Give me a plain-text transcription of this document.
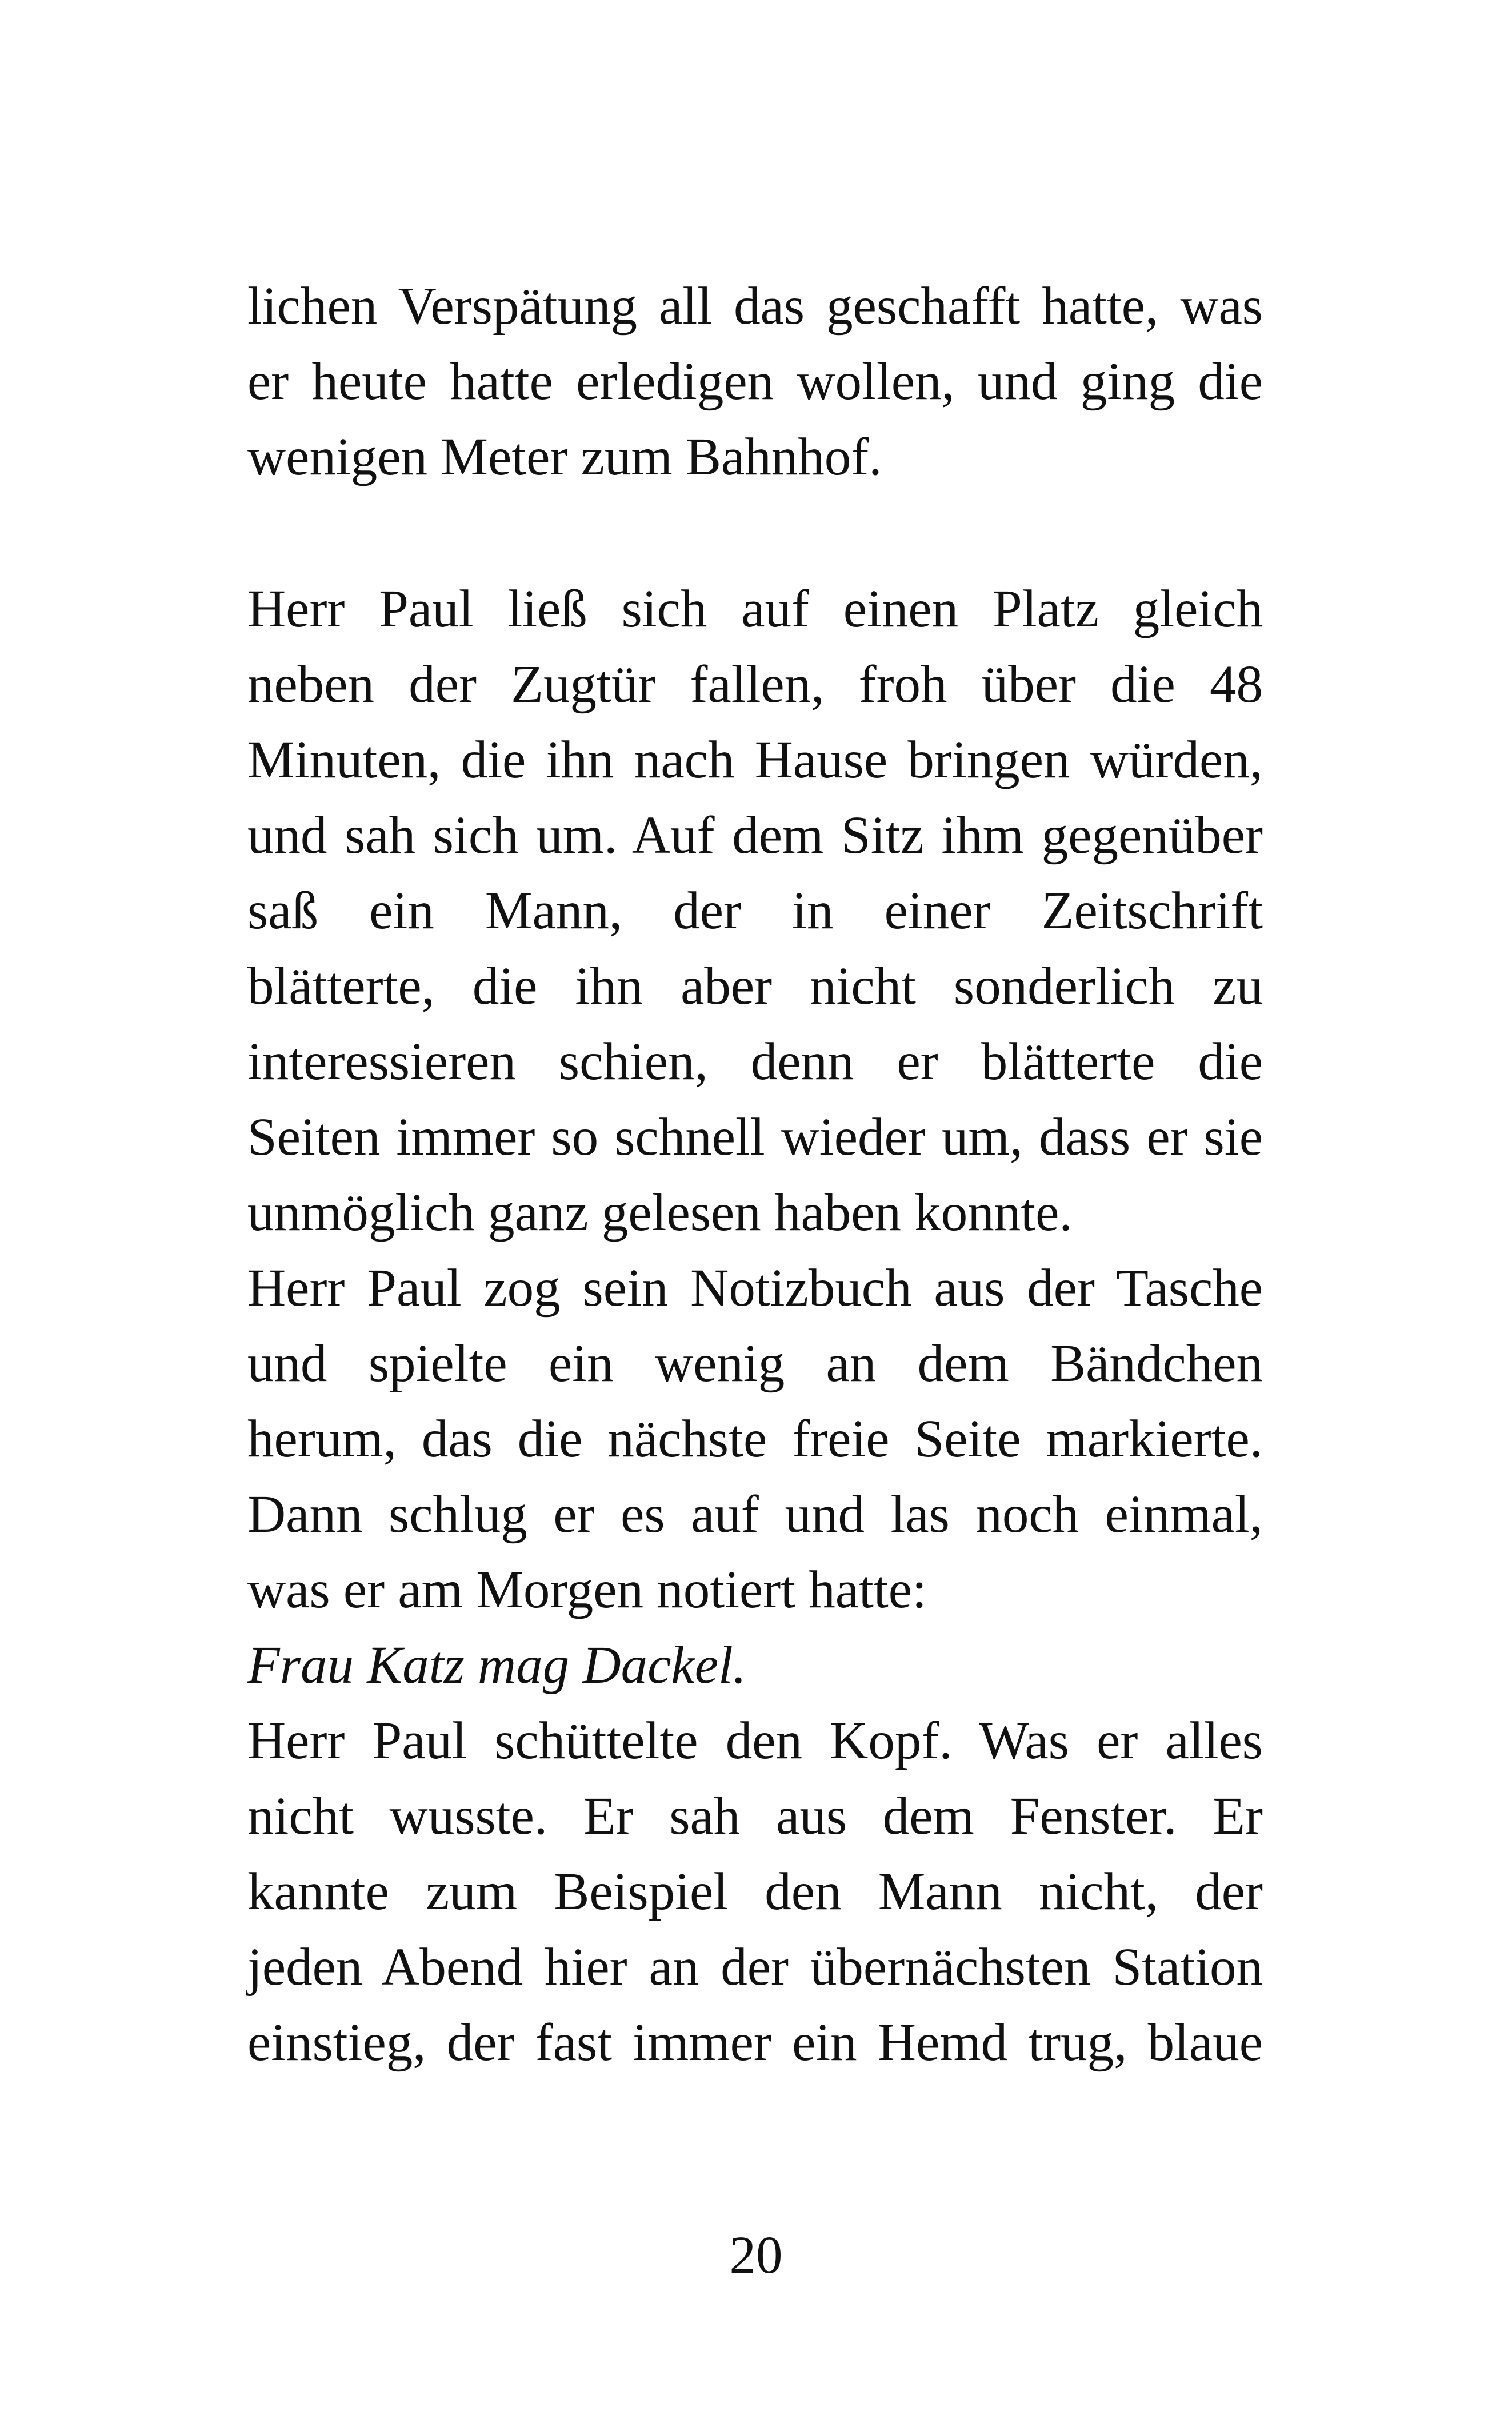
lichen Verspätung all das geschafft hatte, was
er heute hatte erledigen wollen, und ging die
wenigen Meter zum Bahnhof.
Herr Paul ließ sich auf einen Platz gleich
neben der Zugtür fallen, froh über die 48
Minuten, die ihn nach Hause bringen würden,
und sah sich um. Auf dem Sitz ihm gegenüber
saß ein Mann, der in einer Zeitschrift
blätterte, die ihn aber nicht sonderlich zu
interessieren schien, denn er blätterte die
Seiten immer so schnell wieder um, dass er sie
unmöglich ganz gelesen haben konnte.
Herr Paul zog sein Notizbuch aus der Tasche
und spielte ein wenig an dem Bändchen
herum, das die nächste freie Seite markierte.
Dann schlug er es auf und las noch einmal,
was er am Morgen notiert hatte:
Frau Katz mag Dackel.
Herr Paul schüttelte den Kopf. Was er alles
nicht wusste. Er sah aus dem Fenster. Er
kannte zum Beispiel den Mann nicht, der
jeden Abend hier an der übernächsten Station
einstieg, der fast immer ein Hemd trug, blaue
20
